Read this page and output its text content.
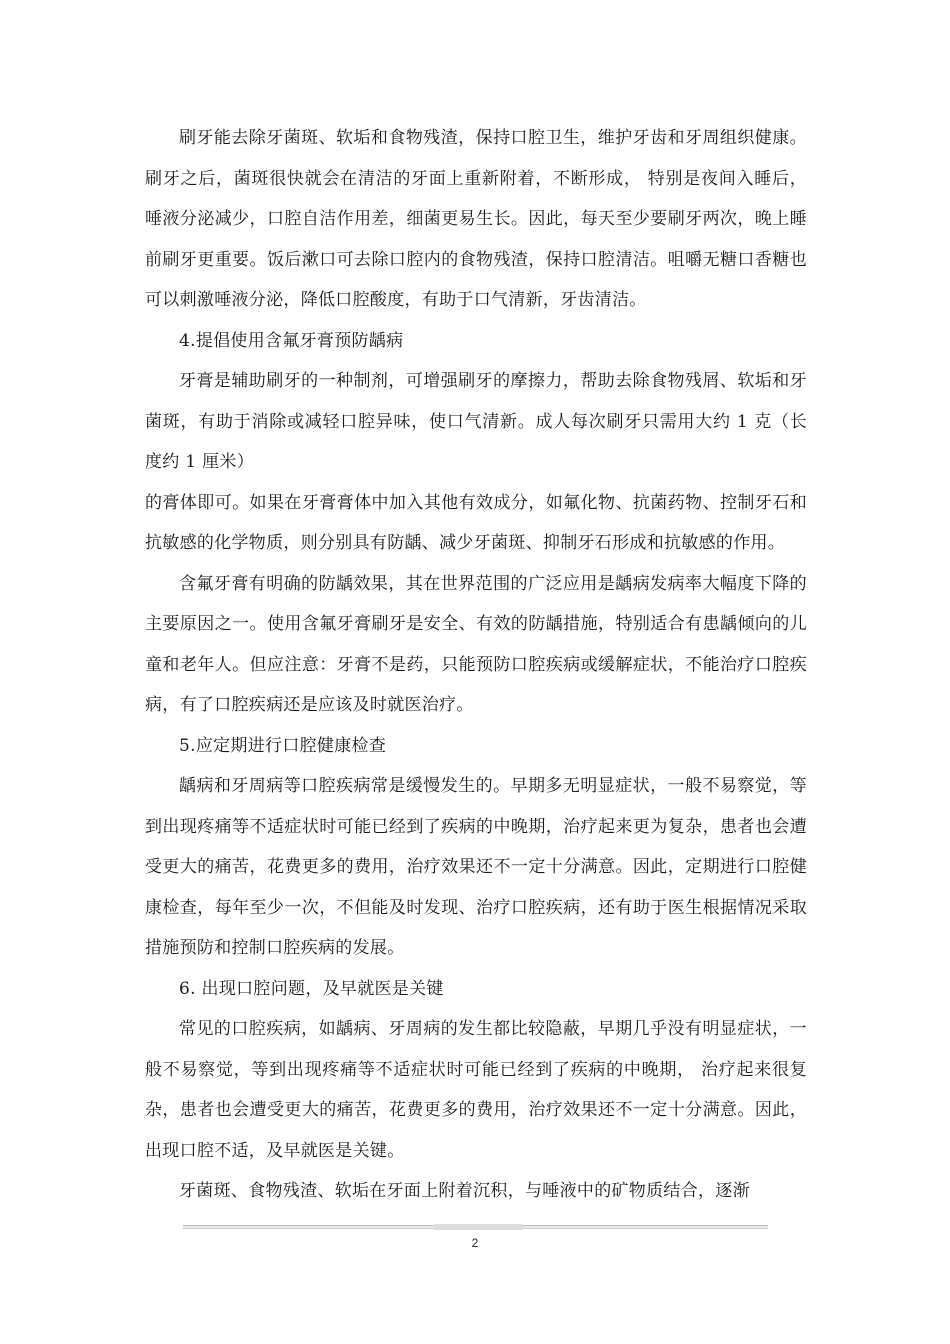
刷牙能去除牙菌斑、软垢和食物残渣，保持口腔卫生，维护牙齿和牙周组织健康。刷牙之后，菌斑很快就会在清洁的牙面上重新附着，不断形成， 特别是夜间入睡后，唾液分泌减少，口腔自洁作用差，细菌更易生长。因此，每天至少要刷牙两次，晚上睡前刷牙更重要。饭后漱口可去除口腔内的食物残渣，保持口腔清洁。咀嚼无糖口香糖也可以刺激唾液分泌，降低口腔酸度，有助于口气清新，牙齿清洁。

4.提倡使用含氟牙膏预防龋病

牙膏是辅助刷牙的一种制剂，可增强刷牙的摩擦力，帮助去除食物残屑、软垢和牙菌斑，有助于消除或减轻口腔异味，使口气清新。成人每次刷牙只需用大约 1 克（长度约 1 厘米）

的膏体即可。如果在牙膏膏体中加入其他有效成分，如氟化物、抗菌药物、控制牙石和抗敏感的化学物质，则分别具有防龋、减少牙菌斑、抑制牙石形成和抗敏感的作用。

含氟牙膏有明确的防龋效果，其在世界范围的广泛应用是龋病发病率大幅度下降的主要原因之一。使用含氟牙膏刷牙是安全、有效的防龋措施，特别适合有患龋倾向的儿童和老年人。但应注意：牙膏不是药，只能预防口腔疾病或缓解症状，不能治疗口腔疾病，有了口腔疾病还是应该及时就医治疗。

5.应定期进行口腔健康检查

龋病和牙周病等口腔疾病常是缓慢发生的。早期多无明显症状，一般不易察觉，等到出现疼痛等不适症状时可能已经到了疾病的中晚期，治疗起来更为复杂，患者也会遭受更大的痛苦，花费更多的费用，治疗效果还不一定十分满意。因此，定期进行口腔健康检查，每年至少一次，不但能及时发现、治疗口腔疾病，还有助于医生根据情况采取措施预防和控制口腔疾病的发展。

6. 出现口腔问题，及早就医是关键

常见的口腔疾病，如龋病、牙周病的发生都比较隐蔽，早期几乎没有明显症状，一般不易察觉，等到出现疼痛等不适症状时可能已经到了疾病的中晚期， 治疗起来很复杂，患者也会遭受更大的痛苦，花费更多的费用，治疗效果还不一定十分满意。因此，出现口腔不适，及早就医是关键。

牙菌斑、食物残渣、软垢在牙面上附着沉积，与唾液中的矿物质结合，逐渐

2
